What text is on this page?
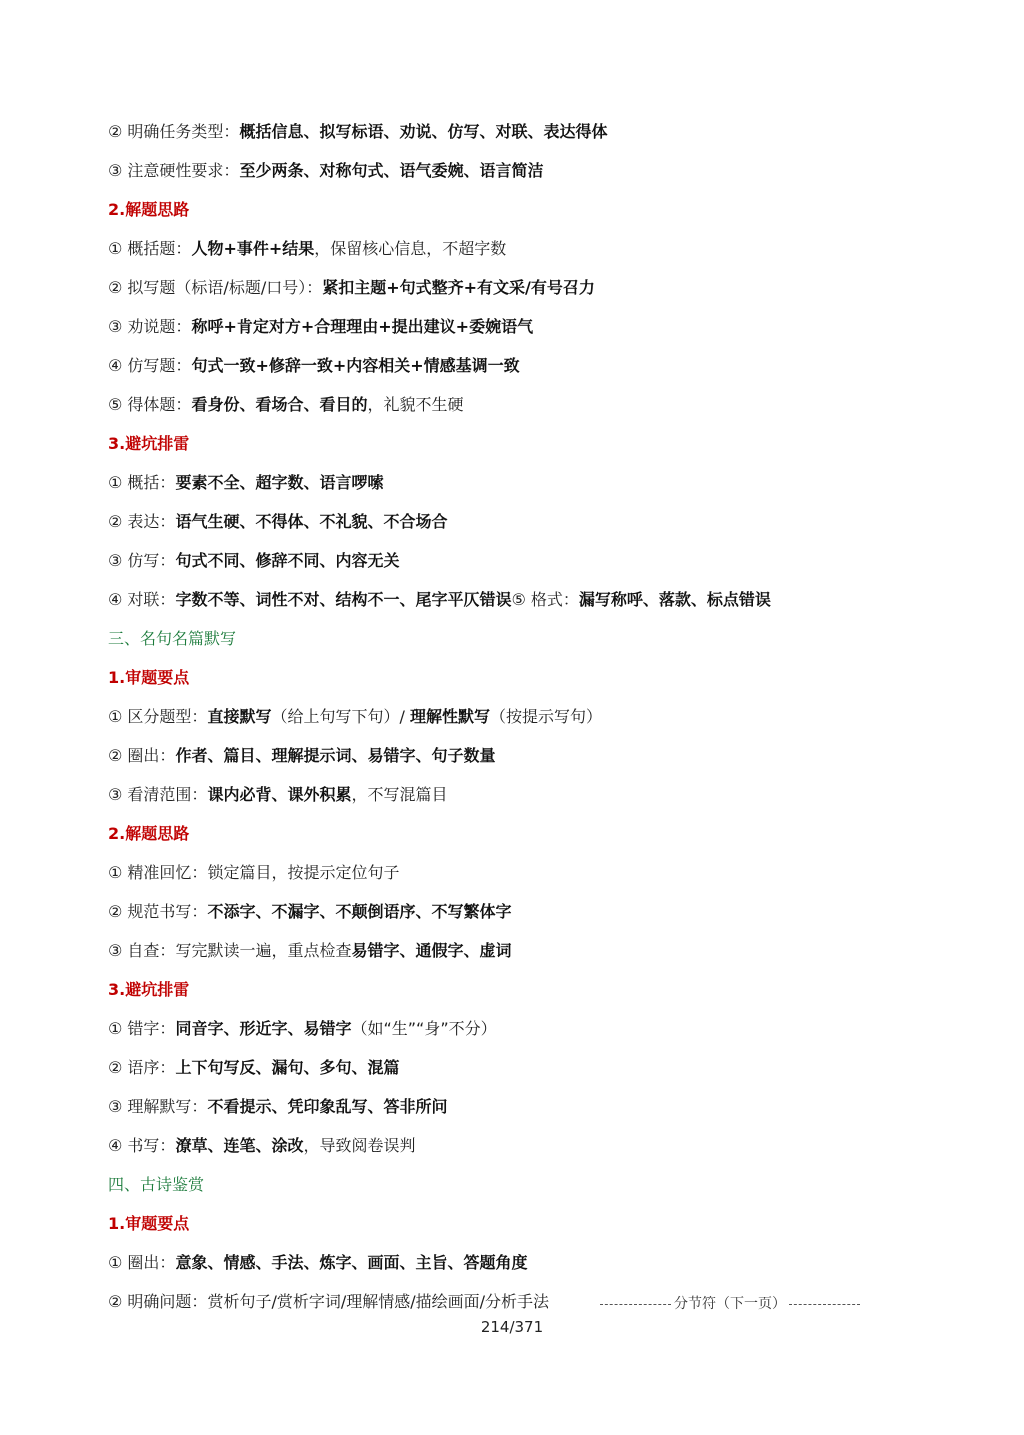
② 明确任务类型：概括信息、拟写标语、劝说、仿写、对联、表达得体
③ 注意硬性要求：至少两条、对称句式、语气委婉、语言简洁
2.解题思路
① 概括题：人物+事件+结果，保留核心信息，不超字数
② 拟写题（标语/标题/口号）：紧扣主题+句式整齐+有文采/有号召力
③ 劝说题：称呼+肯定对方+合理理由+提出建议+委婉语气
④ 仿写题：句式一致+修辞一致+内容相关+情感基调一致
⑤ 得体题：看身份、看场合、看目的，礼貌不生硬
3.避坑排雷
① 概括：要素不全、超字数、语言啰嗦
② 表达：语气生硬、不得体、不礼貌、不合场合
③ 仿写：句式不同、修辞不同、内容无关
④ 对联：字数不等、词性不对、结构不一、尾字平仄错误⑤ 格式：漏写称呼、落款、标点错误
三、名句名篇默写
1.审题要点
① 区分题型：直接默写（给上句写下句）/ 理解性默写（按提示写句）
② 圈出：作者、篇目、理解提示词、易错字、句子数量
③ 看清范围：课内必背、课外积累，不写混篇目
2.解题思路
① 精准回忆：锁定篇目，按提示定位句子
② 规范书写：不添字、不漏字、不颠倒语序、不写繁体字
③ 自查：写完默读一遍，重点检查易错字、通假字、虚词
3.避坑排雷
① 错字：同音字、形近字、易错字（如“生”“身”不分）
② 语序：上下句写反、漏句、多句、混篇
③ 理解默写：不看提示、凭印象乱写、答非所问
④ 书写：潦草、连笔、涂改，导致阅卷误判
四、古诗鉴赏
1.审题要点
① 圈出：意象、情感、手法、炼字、画面、主旨、答题角度
② 明确问题：赏析句子/赏析字词/理解情感/描绘画面/分析手法	分节符（下一页）
214/371
